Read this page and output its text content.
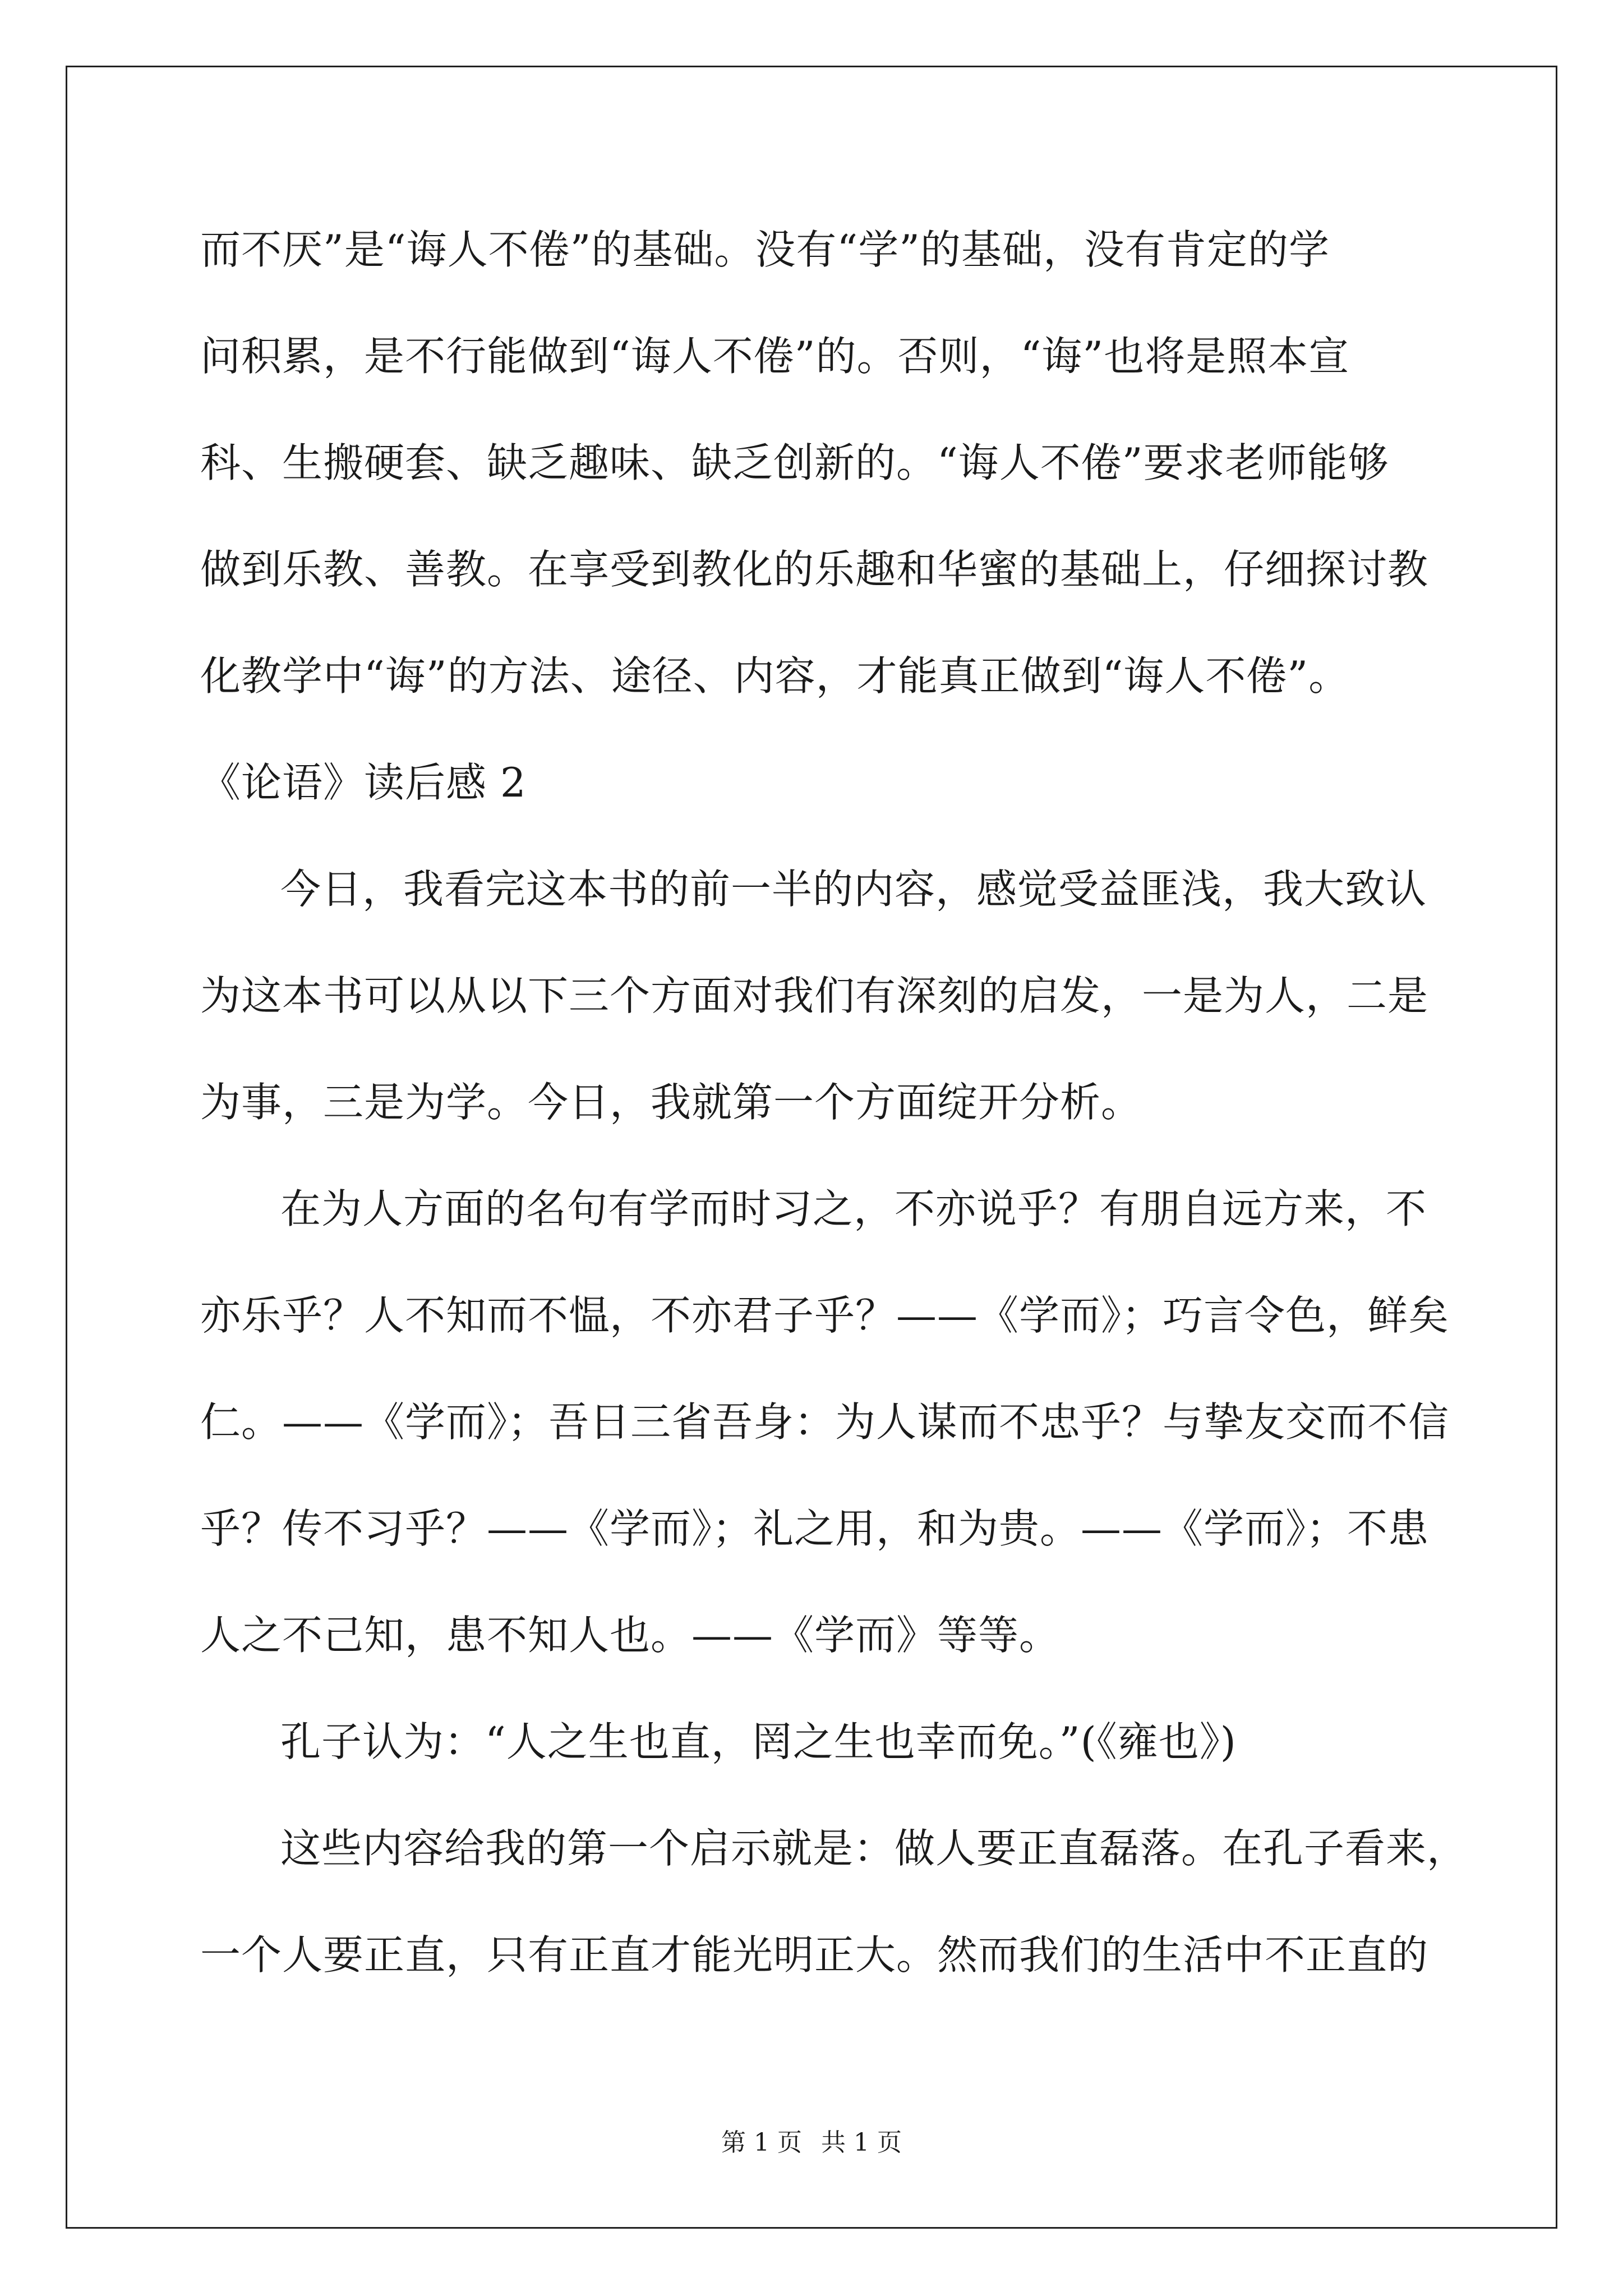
而不厌”是“诲人不倦”的基础。没有“学”的基础，没有肯定的学
问积累，是不行能做到“诲人不倦”的。否则，“诲”也将是照本宣
科、生搬硬套、缺乏趣味、缺乏创新的。“诲人不倦”要求老师能够
做到乐教、善教。在享受到教化的乐趣和华蜜的基础上，仔细探讨教
化教学中“诲”的方法、途径、内容，才能真正做到“诲人不倦”。
《论语》读后感 2
今日，我看完这本书的前一半的内容，感觉受益匪浅，我大致认
为这本书可以从以下三个方面对我们有深刻的启发，一是为人，二是
为事，三是为学。今日，我就第一个方面绽开分析。
在为人方面的名句有学而时习之，不亦说乎？有朋自远方来，不
亦乐乎？人不知而不愠，不亦君子乎？——《学而》；巧言令色，鲜矣
仁。——《学而》；吾日三省吾身：为人谋而不忠乎？与挚友交而不信
乎？传不习乎？——《学而》；礼之用，和为贵。——《学而》；不患
人之不己知，患不知人也。——《学而》等等。
孔子认为：“人之生也直，罔之生也幸而免。”(《雍也》)
这些内容给我的第一个启示就是：做人要正直磊落。在孔子看来，
一个人要正直，只有正直才能光明正大。然而我们的生活中不正直的
第 1 页 共 1 页
